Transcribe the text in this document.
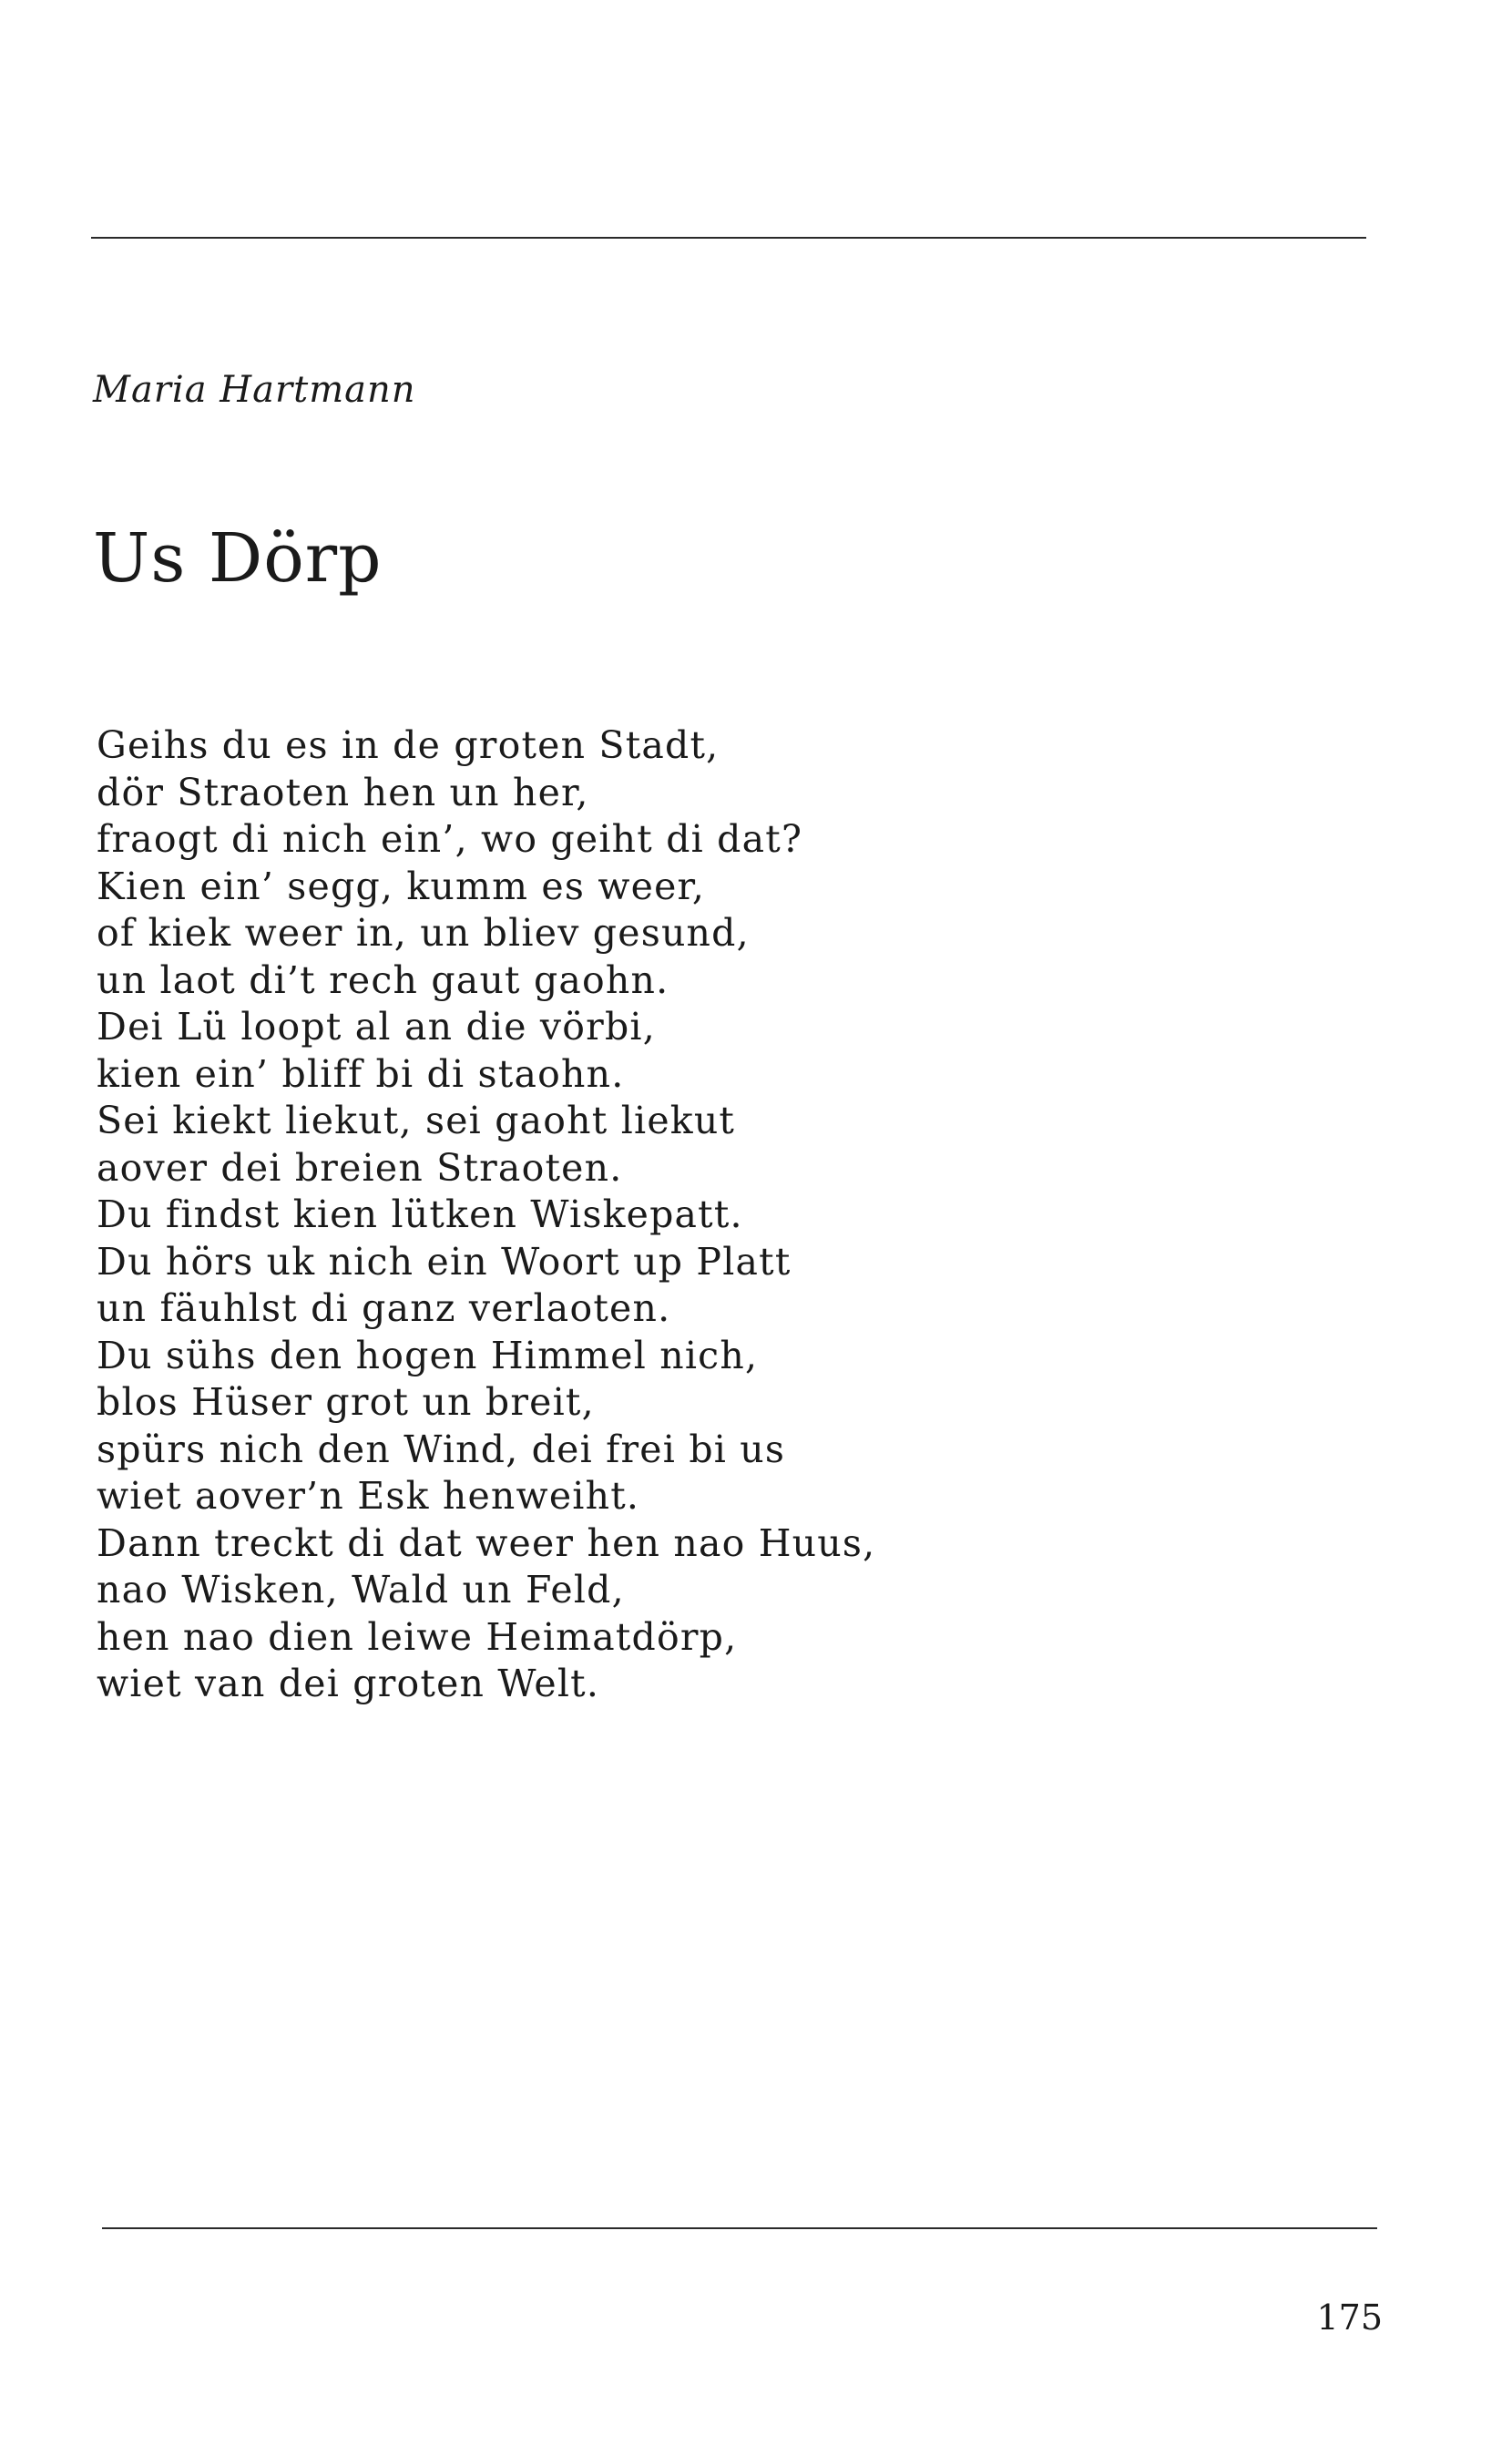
Maria Hartmann
Us Dörp
Geihs du es in de groten Stadt,
dör Straoten hen un her,
fraogt di nich ein’, wo geiht di dat?
Kien ein’ segg, kumm es weer,
of kiek weer in, un bliev gesund,
un laot di’t rech gaut gaohn.
Dei Lü loopt al an die vörbi,
kien ein’ bliff bi di staohn.
Sei kiekt liekut, sei gaoht liekut
aover dei breien Straoten.
Du findst kien lütken Wiskepatt.
Du hörs uk nich ein Woort up Platt
un fäuhlst di ganz verlaoten.
Du sühs den hogen Himmel nich,
blos Hüser grot un breit,
spürs nich den Wind, dei frei bi us
wiet aover’n Esk henweiht.
Dann treckt di dat weer hen nao Huus,
nao Wisken, Wald un Feld,
hen nao dien leiwe Heimatdörp,
wiet van dei groten Welt.
175
